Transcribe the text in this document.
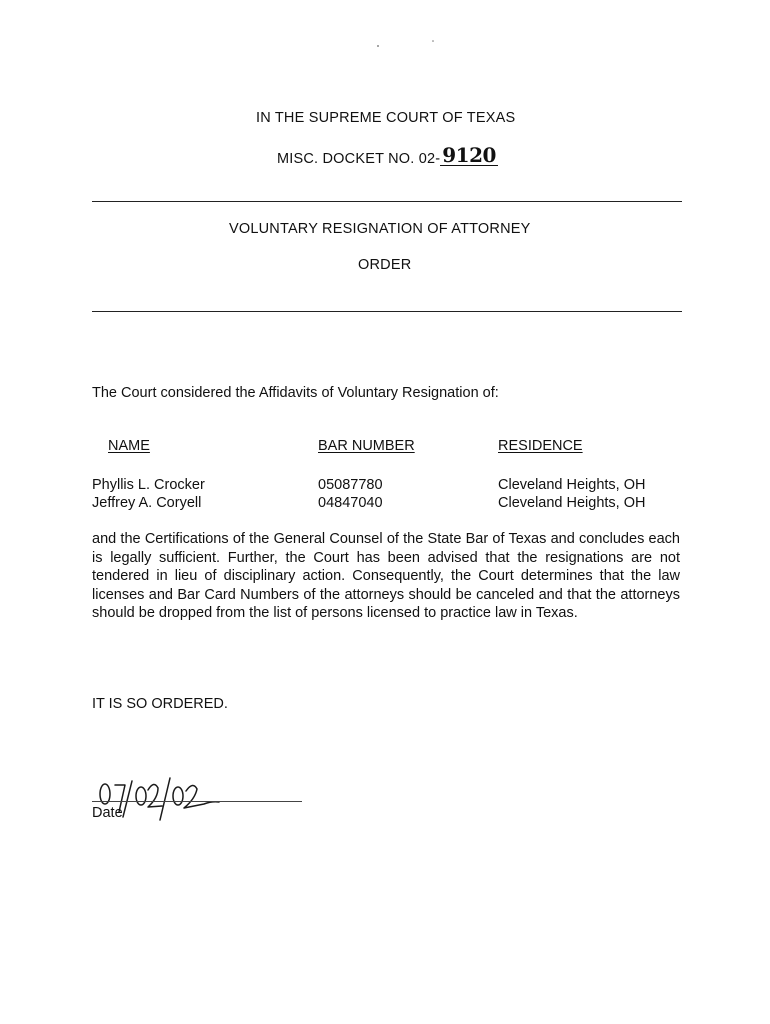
IN THE SUPREME COURT OF TEXAS
MISC. DOCKET NO. 02- 9120
VOLUNTARY RESIGNATION OF ATTORNEY
ORDER
The Court considered the Affidavits of Voluntary Resignation of:
NAME	BAR NUMBER	RESIDENCE
Phyllis L. Crocker	05087780	Cleveland Heights, OH
Jeffrey A. Coryell	04847040	Cleveland Heights, OH
and the Certifications of the General Counsel of the State Bar of Texas and concludes each is legally sufficient. Further, the Court has been advised that the resignations are not tendered in lieu of disciplinary action. Consequently, the Court determines that the law licenses and Bar Card Numbers of the attorneys should be canceled and that the attorneys should be dropped from the list of persons licensed to practice law in Texas.
IT IS SO ORDERED.
Date
